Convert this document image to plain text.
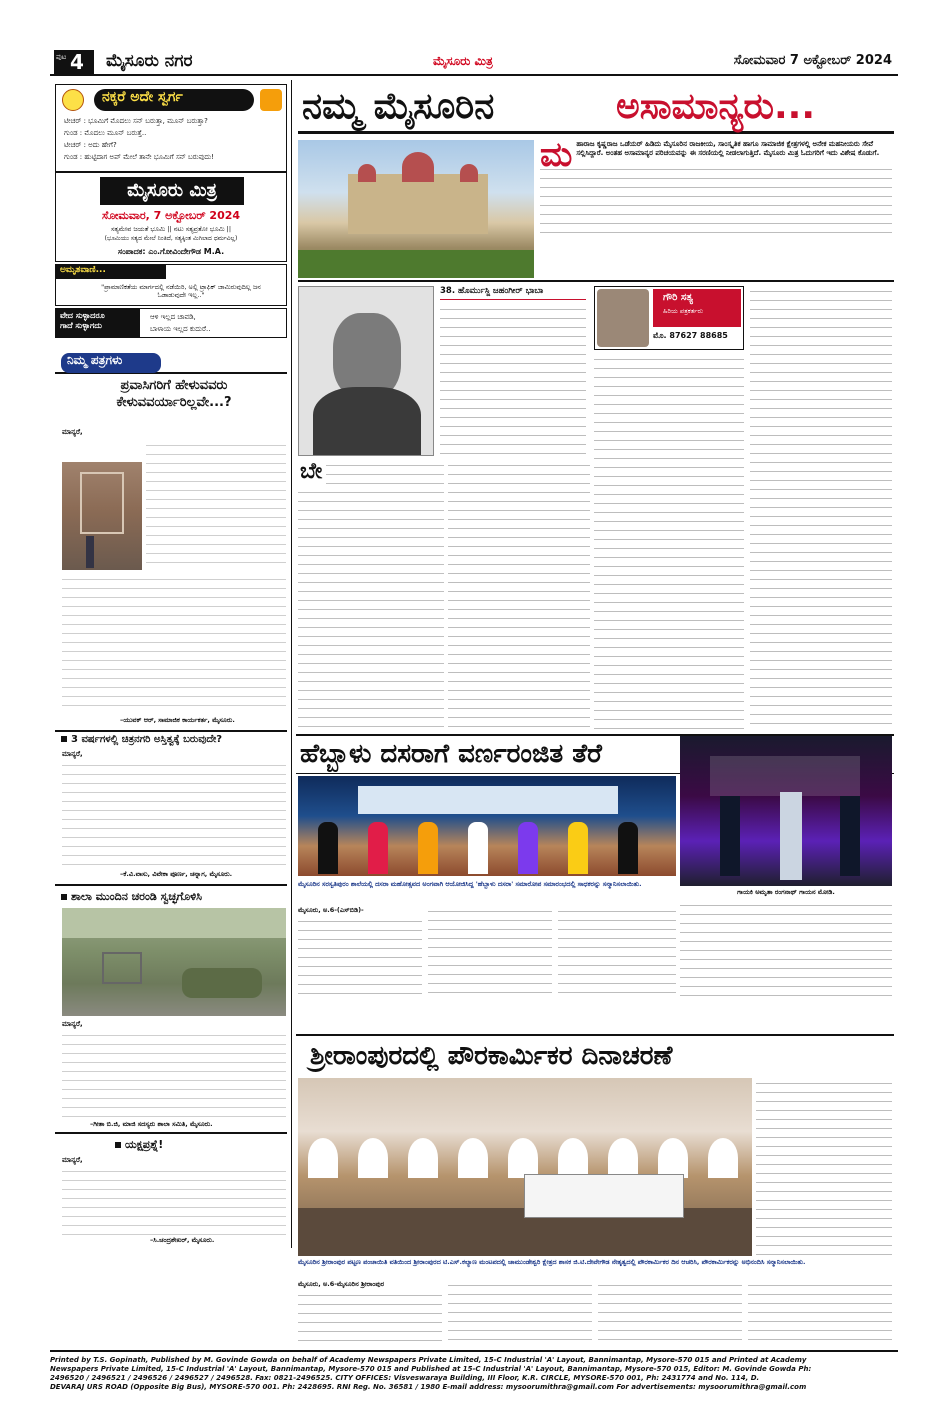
ಪುಟ 4 ಮೈಸೂರು ನಗರ	ಮೈಸೂರು ಮಿತ್ರ	ಸೋಮವಾರ 7 ಅಕ್ಟೋಬರ್ 2024
ನಕ್ಕರೆ ಅದೇ ಸ್ವರ್ಗ
ಟೀಚರ್ : ಭೂಮಿಗೆ ಮೊದಲು ಸನ್ ಬರುತ್ತಾ, ಮೂನ್ ಬರುತ್ತಾ?
ಗುಂಡ : ಮೊದಲು ಮೂನ್ ಬರುತ್ತೆ..
ಟೀಚರ್ : ಅದು ಹೇಗೆ?
ಗುಂಡ : ಹುಟ್ಟಿದಾಗ ಅಪ್ ಮೇಲೆ ತಾನೇ ಭೂಮಿಗೆ ಸನ್ ಬರುವುದು!
ಮೈಸೂರು ಮಿತ್ರ
ಸೋಮವಾರ, 7 ಅಕ್ಟೋಬರ್ 2024
ಸತ್ಯಮೇವ ಜಯತೆ ಭೂಮಿ || ನಟು ಸತ್ಯವ್ರತೋ ಭೂಮಿ ||
(ಭೂಮಿಯು ಸತ್ಯದ ಮೇಲೆ ನಿಂತಿದೆ, ಸತ್ಯಕ್ಕಿಂತ ಮಿಗಿಲಾದ ಧರ್ಮವಿಲ್ಲ)
ಸಂಪಾದಕ: ಎಂ.ಗೋವಿಂದೇಗೌಡ M.A.
ಅಮೃತವಾಣಿ...
"ಪ್ರಾಮಾಣಿಕತೆಯ ಮಾರ್ಗದಲ್ಲಿ ನಡೆಯಿರಿ, ಅಲ್ಲಿ ಟ್ರಾಫಿಕ್ ಜಾಮಿರುವುದಿಲ್ಲ ಜನ ಓಡಾಡುವುದೇ ಇಲ್ಲ.."
ವೇದ ಸುಳ್ಳಾದರೂ
ಗಾದೆ ಸುಳ್ಳಾಗದು
ಆಳಿ ಇಲ್ಲದ ಚಾವಡಿ,
ಬಾಳಾಯ ಇಲ್ಲದ ಕುದುರೆ..
ನಿಮ್ಮ ಪತ್ರಗಳು
ಪ್ರವಾಸಿಗರಿಗೆ ಹೇಳುವವರು ಕೇಳುವವರ್ಯಾರಿಲ್ಲವೇ...?
ಮಾನ್ಯರೆ,
–ಯುವಕ್ ಆರ್, ಸಾಮಾಜಿಕ ಕಾರ್ಯಕರ್ತ, ಮೈಸೂರು.
3 ವರ್ಷಗಳಲ್ಲಿ ಚಿತ್ರನಗರಿ ಅಸ್ತಿತ್ವಕ್ಕೆ ಬರುವುದೇ?
ಮಾನ್ಯರೆ,
–ಕೆ.ವಿ.ವಾಸು, ವಿವೇಕಾ ಪೂರ್ಣ, ಚನ್ನಾಗ, ಮೈಸೂರು.
ಶಾಲಾ ಮುಂದಿನ ಚರಂಡಿ ಸ್ವಚ್ಛಗೊಳಿಸಿ
ಮಾನ್ಯರೆ,
–ಗೀತಾ ಬಿ.ಜಿ, ಮಾಜಿ ಸದಸ್ಯರು ಶಾಲಾ ಸಮಿತಿ, ಮೈಸೂರು.
ಯಕ್ಷಪ್ರಶ್ನೆ!
ಮಾನ್ಯರೆ,
–ಸಿ.ಚಂದ್ರಶೇಖರ್, ಮೈಸೂರು.
ನಮ್ಮ ಮೈಸೂರಿನ	ಅಸಾಮಾನ್ಯರು...
ಮ ಹಾರಾಜ ಕೃಷ್ಣರಾಜ ಒಡೆಯರ್ ಹಿಡಿದು ಮೈಸೂರಿನ ರಾಜಕೀಯ, ಸಾಂಸ್ಕೃತಿಕ ಹಾಗೂ ಸಾಮಾಜಿಕ ಕ್ಷೇತ್ರಗಳಲ್ಲಿ ಅನೇಕ ಮಹನೀಯರು ಸೇವೆ ಸಲ್ಲಿಸಿದ್ದಾರೆ. ಅಂತಹ ಅಸಾಮಾನ್ಯರ ಪರಿಚಯವನ್ನು ಈ ಸರಣಿಯಲ್ಲಿ ನೀಡಲಾಗುತ್ತಿದೆ. ಮೈಸೂರು ಮಿತ್ರ ಓದುಗರಿಗೆ ಇದು ವಿಶೇಷ ಕೊಡುಗೆ.
38. ಹೊರ್ಮುಸ್ಜಿ ಜಹಂಗೀರ್ ಭಾಬಾ
ಗೌರಿ ಸತ್ಯ
ಹಿರಿಯ ಪತ್ರಕರ್ತರು
ಮೊ. 87627 88685
ಬೇ
ಹೆಬ್ಬಾಳು ದಸರಾಗೆ ವರ್ಣರಂಜಿತ ತೆರೆ
ಗಾಯಕಿ ಅಮೃತಾ ರಂಗನಾಥ್ ಗಾಯನ ಮೋಡಿ.
ಮೈಸೂರಿನ ಸರಸ್ವತಿಪುರಂ ಶಾಲೆಯಲ್ಲಿ ದಸರಾ ಮಹೋತ್ಸವದ ಅಂಗವಾಗಿ ಆಯೋಜಿಸಿದ್ದ 'ಹೆಬ್ಬಾಳು ದಸರಾ' ಸಮಾರೋಪ ಸಮಾರಂಭದಲ್ಲಿ ಸಾಧಕರನ್ನು ಸನ್ಮಾನಿಸಲಾಯಿತು.
ಮೈಸೂರು, ಅ.6-(ಎಸ್‌ಬಿಡಿ)-
ಶ್ರೀರಾಂಪುರದಲ್ಲಿ ಪೌರಕಾರ್ಮಿಕರ ದಿನಾಚರಣೆ
ಮೈಸೂರಿನ ಶ್ರೀರಾಂಪುರ ಪಟ್ಟಣ ಪಂಚಾಯಿತಿ ವತಿಯಿಂದ ಶ್ರೀರಾಂಪುರದ ಟಿ.ಎಸ್.ಕಲ್ಯಾಣ ಮಂಟಪದಲ್ಲಿ ಚಾಮುಂಡೇಶ್ವರಿ ಕ್ಷೇತ್ರದ ಶಾಸಕ ಜಿ.ಟಿ.ದೇವೇಗೌಡ ನೇತೃತ್ವದಲ್ಲಿ ಪೌರಕಾರ್ಮಿಕರ ದಿನ ಆಚರಿಸಿ, ಪೌರಕಾರ್ಮಿಕರನ್ನು ಅಭಿನಂದಿಸಿ ಸನ್ಮಾನಿಸಲಾಯಿತು.
ಮೈಸೂರು, ಅ.6-ಮೈಸೂರಿನ ಶ್ರೀರಾಂಪುರ
Printed by T.S. Gopinath, Published by M. Govinde Gowda on behalf of Academy Newspapers Private Limited, 15-C Industrial 'A' Layout, Bannimantap, Mysore-570 015 and Printed at Academy
Newspapers Private Limited, 15-C Industrial 'A' Layout, Bannimantap, Mysore-570 015 and Published at 15-C Industrial 'A' Layout, Bannimantap, Mysore-570 015, Editor: M. Govinde Gowda Ph:
2496520 / 2496521 / 2496526 / 2496527 / 2496528. Fax: 0821-2496525. CITY OFFICES: Visveswaraya Building, III Floor, K.R. CIRCLE, MYSORE-570 001, Ph: 2431774 and No. 114, D.
DEVARAJ URS ROAD (Opposite Big Bus), MYSORE-570 001. Ph: 2428695. RNI Reg. No. 36581 / 1980 E-mail address: mysoorumithra@gmail.com For advertisements: mysoorumithra@gmail.com
